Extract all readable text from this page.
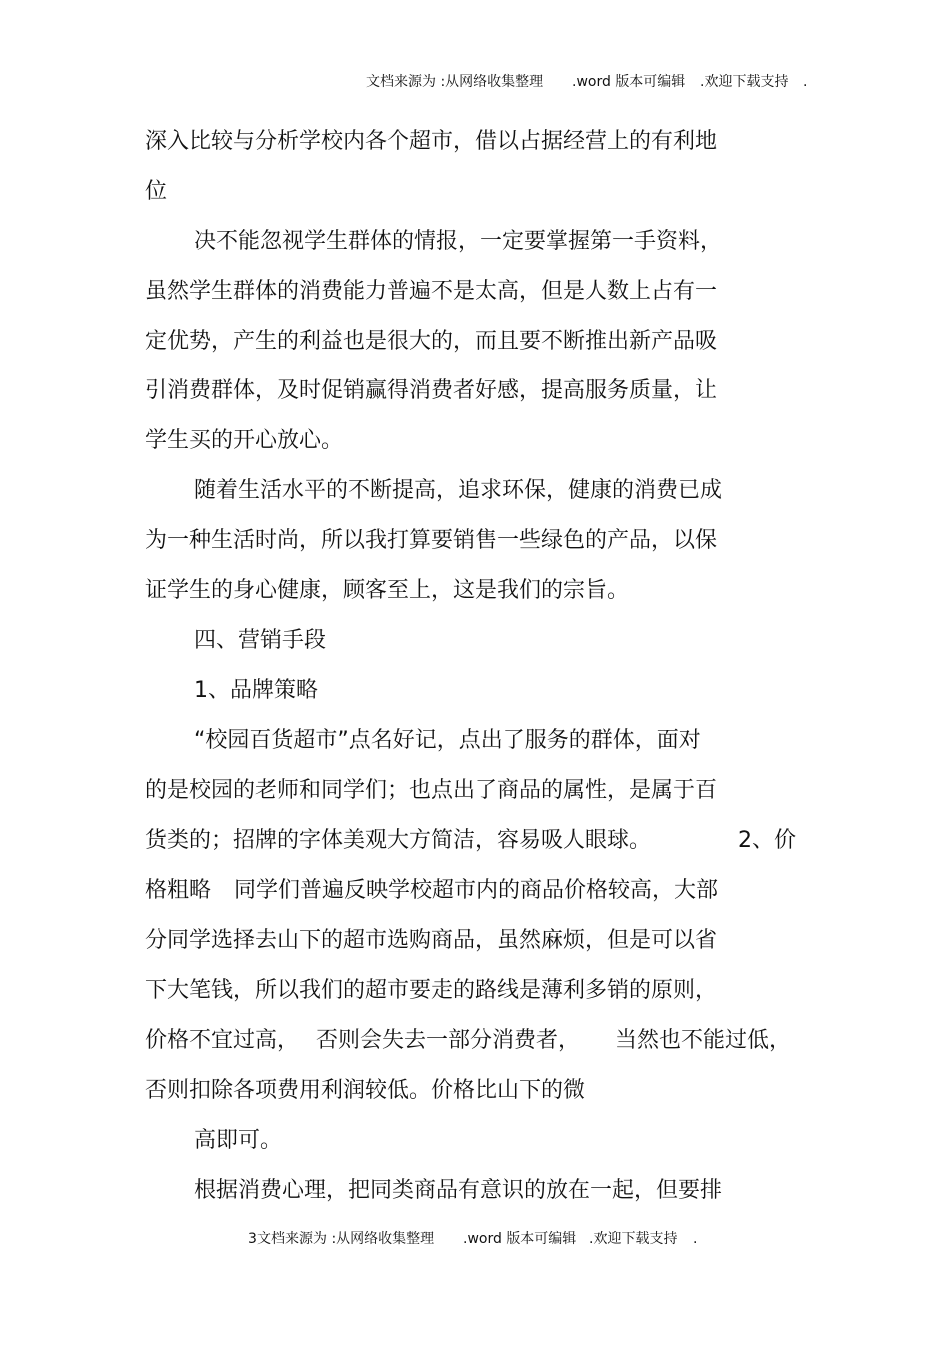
文档来源为 :从网络收集整理 .word 版本可编辑 .欢迎下载支持 .
深入比较与分析学校内各个超市，借以占据经营上的有利地
位
决不能忽视学生群体的情报，一定要掌握第一手资料，
虽然学生群体的消费能力普遍不是太高，但是人数上占有一
定优势，产生的利益也是很大的，而且要不断推出新产品吸
引消费群体，及时促销赢得消费者好感，提高服务质量，让
学生买的开心放心。
随着生活水平的不断提高，追求环保，健康的消费已成
为一种生活时尚，所以我打算要销售一些绿色的产品，以保
证学生的身心健康，顾客至上，这是我们的宗旨。
四、营销手段
1、品牌策略
“校园百货超市”点名好记，点出了服务的群体，面对
的是校园的老师和同学们；也点出了商品的属性，是属于百
货类的；招牌的字体美观大方简洁，容易吸人眼球。	2、价
格粗略 同学们普遍反映学校超市内的商品价格较高，大部
分同学选择去山下的超市选购商品，虽然麻烦，但是可以省
下大笔钱，所以我们的超市要走的路线是薄利多销的原则，
价格不宜过高， 否则会失去一部分消费者， 当然也不能过低，
否则扣除各项费用利润较低。价格比山下的微
高即可。
根据消费心理，把同类商品有意识的放在一起，但要排
3 文档来源为 :从网络收集整理 .word 版本可编辑 .欢迎下载支持 .
